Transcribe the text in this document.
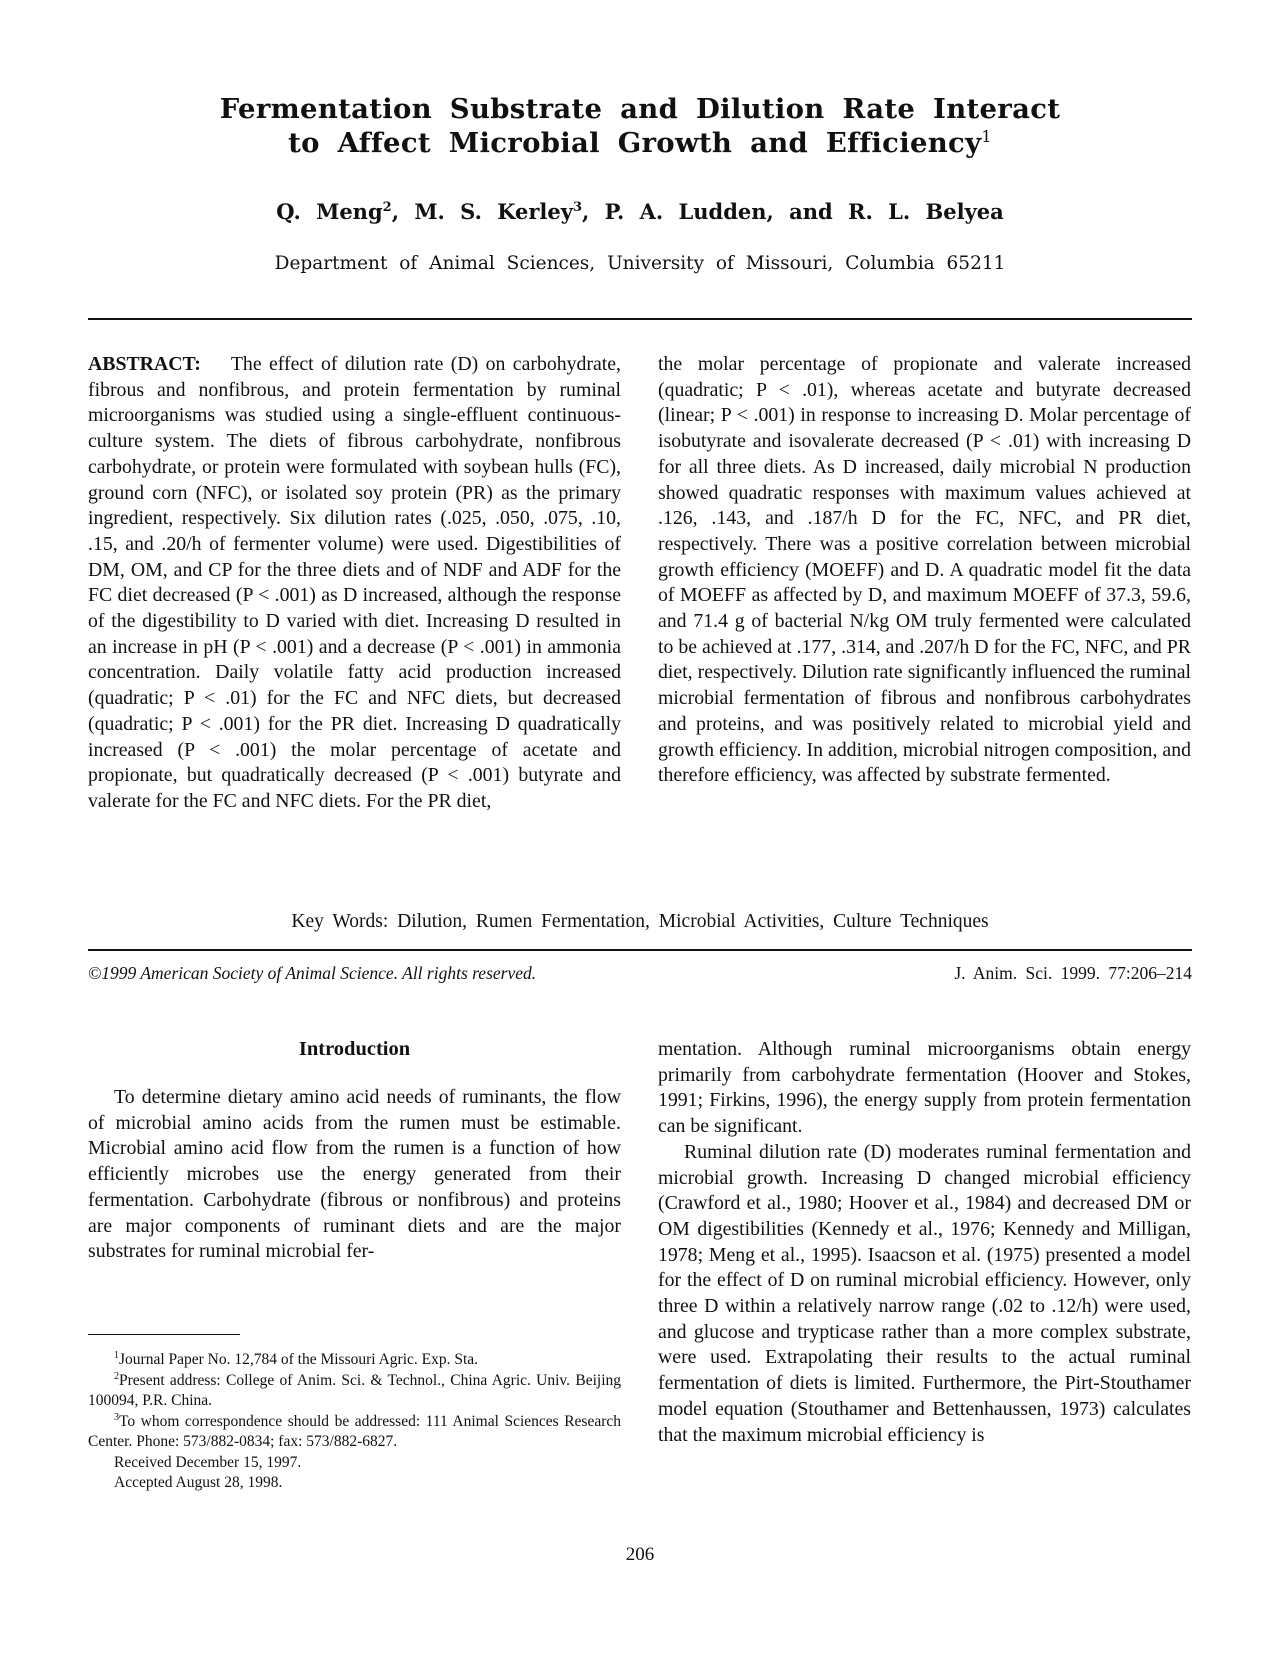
Fermentation Substrate and Dilution Rate Interact
to Affect Microbial Growth and Efficiency$^1$
Q. Meng$^2$, M. S. Kerley$^3$, P. A. Ludden, and R. L. Belyea
Department of Animal Sciences, University of Missouri, Columbia 65211

ABSTRACT: The effect of dilution rate (D) on carbohydrate, fibrous and nonfibrous, and protein fermentation by ruminal microorganisms was studied using a single-effluent continuous-culture system. The diets of fibrous carbohydrate, nonfibrous carbohydrate, or protein were formulated with soybean hulls (FC), ground corn (NFC), or isolated soy protein (PR) as the primary ingredient, respectively. Six dilution rates (.025, .050, .075, .10, .15, and .20/h of fermenter volume) were used. Digestibilities of DM, OM, and CP for the three diets and of NDF and ADF for the FC diet decreased (P < .001) as D increased, although the response of the digestibility to D varied with diet. Increasing D resulted in an increase in pH (P < .001) and a decrease (P < .001) in ammonia concentration. Daily volatile fatty acid production increased (quadratic; P < .01) for the FC and NFC diets, but decreased (quadratic; P < .001) for the PR diet. Increasing D quadratically increased (P < .001) the molar percentage of acetate and propionate, but quadratically decreased (P < .001) butyrate and valerate for the FC and NFC diets. For the PR diet,

the molar percentage of propionate and valerate increased (quadratic; P < .01), whereas acetate and butyrate decreased (linear; P < .001) in response to increasing D. Molar percentage of isobutyrate and isovalerate decreased (P < .01) with increasing D for all three diets. As D increased, daily microbial N production showed quadratic responses with maximum values achieved at .126, .143, and .187/h D for the FC, NFC, and PR diet, respectively. There was a positive correlation between microbial growth efficiency (MOEFF) and D. A quadratic model fit the data of MOEFF as affected by D, and maximum MOEFF of 37.3, 59.6, and 71.4 g of bacterial N/kg OM truly fermented were calculated to be achieved at .177, .314, and .207/h D for the FC, NFC, and PR diet, respectively. Dilution rate significantly influenced the ruminal microbial fermentation of fibrous and nonfibrous carbohydrates and proteins, and was positively related to microbial yield and growth efficiency. In addition, microbial nitrogen composition, and therefore efficiency, was affected by substrate fermented.

Key Words: Dilution, Rumen Fermentation, Microbial Activities, Culture Techniques
©1999 American Society of Animal Science. All rights reserved.	J. Anim. Sci. 1999. 77:206–214
Introduction

To determine dietary amino acid needs of ruminants, the flow of microbial amino acids from the rumen must be estimable. Microbial amino acid flow from the rumen is a function of how efficiently microbes use the energy generated from their fermentation. Carbohydrate (fibrous or nonfibrous) and proteins are major components of ruminant diets and are the major substrates for ruminal microbial fer-

mentation. Although ruminal microorganisms obtain energy primarily from carbohydrate fermentation (Hoover and Stokes, 1991; Firkins, 1996), the energy supply from protein fermentation can be significant.

Ruminal dilution rate (D) moderates ruminal fermentation and microbial growth. Increasing D changed microbial efficiency (Crawford et al., 1980; Hoover et al., 1984) and decreased DM or OM digestibilities (Kennedy et al., 1976; Kennedy and Milligan, 1978; Meng et al., 1995). Isaacson et al. (1975) presented a model for the effect of D on ruminal microbial efficiency. However, only three D within a relatively narrow range (.02 to .12/h) were used, and glucose and trypticase rather than a more complex substrate, were used. Extrapolating their results to the actual ruminal fermentation of diets is limited. Furthermore, the Pirt-Stouthamer model equation (Stouthamer and Bettenhaussen, 1973) calculates that the maximum microbial efficiency is

$^1$Journal Paper No. 12,784 of the Missouri Agric. Exp. Sta.

$^2$Present address: College of Anim. Sci. & Technol., China Agric. Univ. Beijing 100094, P.R. China.

$^3$To whom correspondence should be addressed: 111 Animal Sciences Research Center. Phone: 573/882-0834; fax: 573/882-6827.

Received December 15, 1997.

Accepted August 28, 1998.

206
